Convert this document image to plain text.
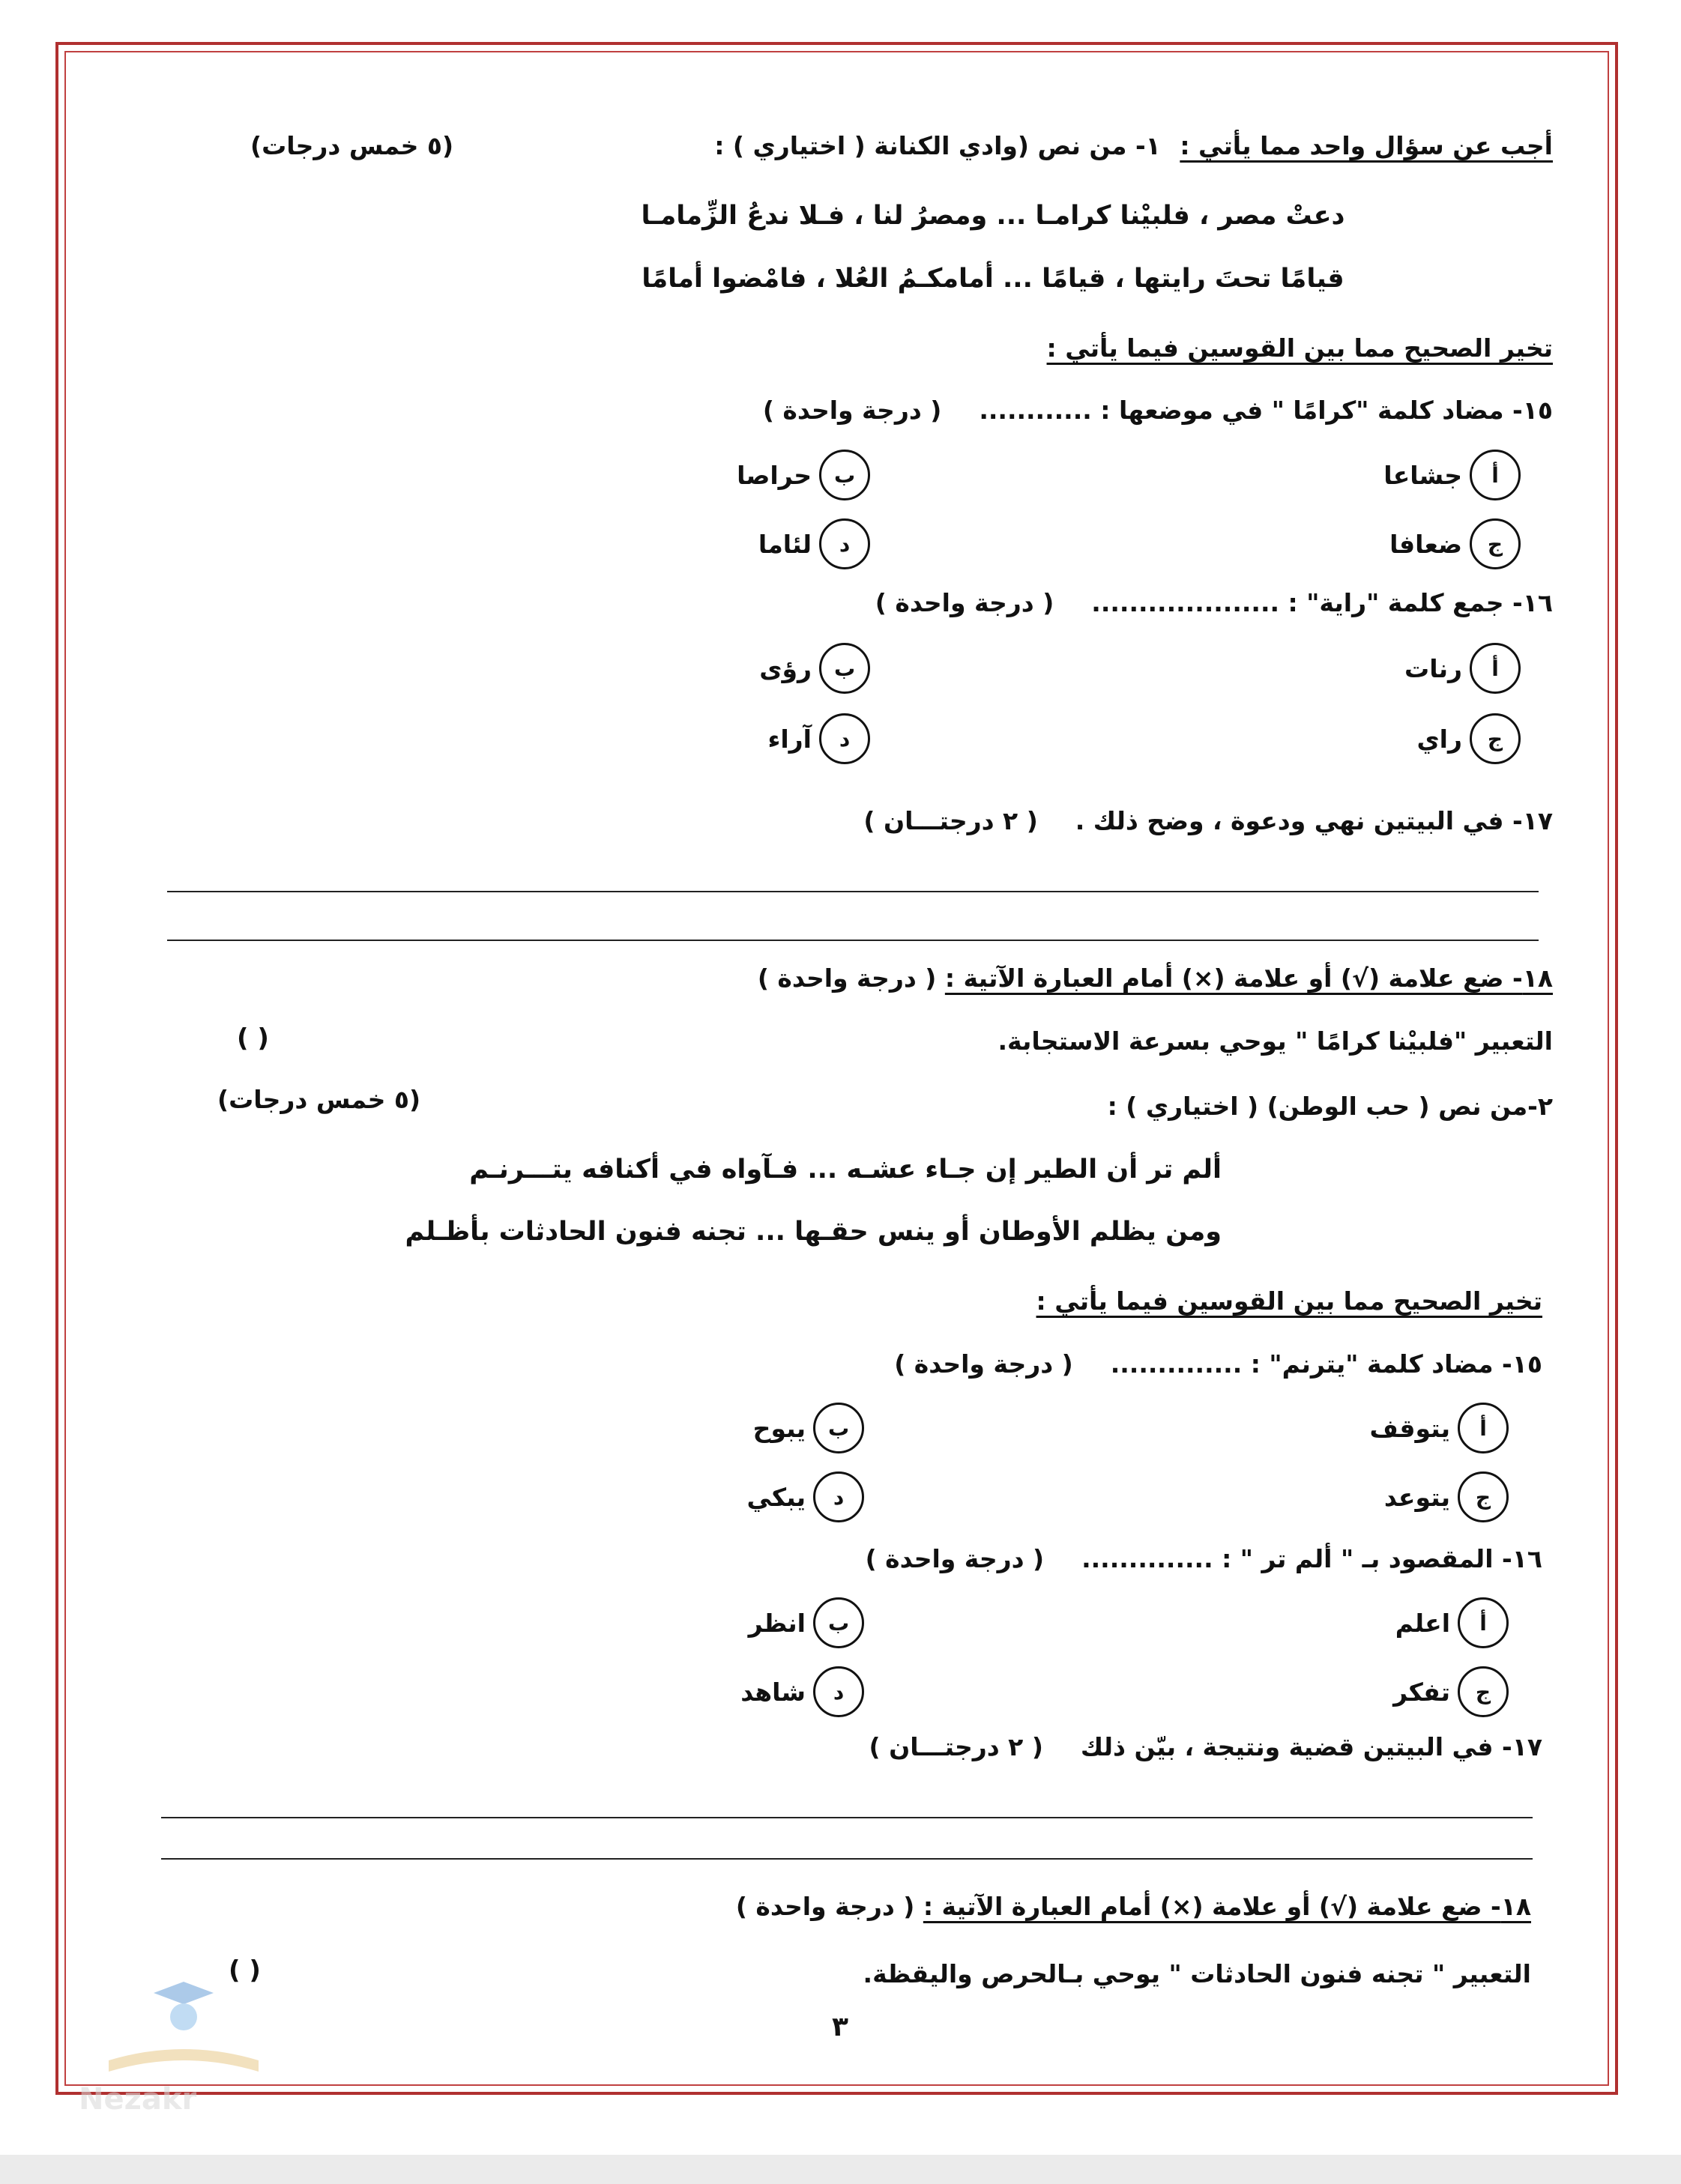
أجب عن سؤال واحد مما يأتي : ١- من نص (وادي الكنانة ( اختياري ) :
(٥ خمس درجات)
دعتْ مصر ، فلبيْنا كرامـا ... ومصرُ لنا ، فـلا ندعُ الزِّمامـا
قيامًا تحتَ رايتها ، قيامًا ... أمامكـمُ العُلا ، فامْضوا أمامًا
تخير الصحيح مما بين القوسين فيما يأتي :
١٥- مضاد كلمة "كرامًا " في موضعها : ............( درجة واحدة )
أ
جشاعا
ب
حراصا
ج
ضعافا
د
لئاما
١٦- جمع كلمة "راية" : ....................( درجة واحدة )
أ
رنات
ب
رؤى
ج
راي
د
آراء
١٧- في البيتين نهي ودعوة ، وضح ذلك .( ٢ درجتـــان )
١٨- ضع علامة (√) أو علامة (×) أمام العبارة الآتية : ( درجة واحدة )
التعبير "فلبيْنا كرامًا " يوحي بسرعة الاستجابة.
( )
٢-من نص ( حب الوطن) ( اختياري ) :
(٥ خمس درجات)
ألم تر أن الطير إن جـاء عشـه ... فـآواه في أكنافه يتـــرنـم
ومن يظلم الأوطان أو ينس حقـها ... تجنه فنون الحادثات بأظـلم
تخير الصحيح مما بين القوسين فيما يأتي :
١٥- مضاد كلمة "يترنم" : ..............( درجة واحدة )
أ
يتوقف
ب
يبوح
ج
يتوعد
د
يبكي
١٦- المقصود بـ " ألم تر " : ..............( درجة واحدة )
أ
اعلم
ب
انظر
ج
تفكر
د
شاهد
١٧- في البيتين قضية ونتيجة ، بيّن ذلك( ٢ درجتـــان )
١٨- ضع علامة (√) أو علامة (×) أمام العبارة الآتية : ( درجة واحدة )
التعبير " تجنه فنون الحادثات " يوحي بـالحرص واليقظة.
( )
٣
Nezakr
